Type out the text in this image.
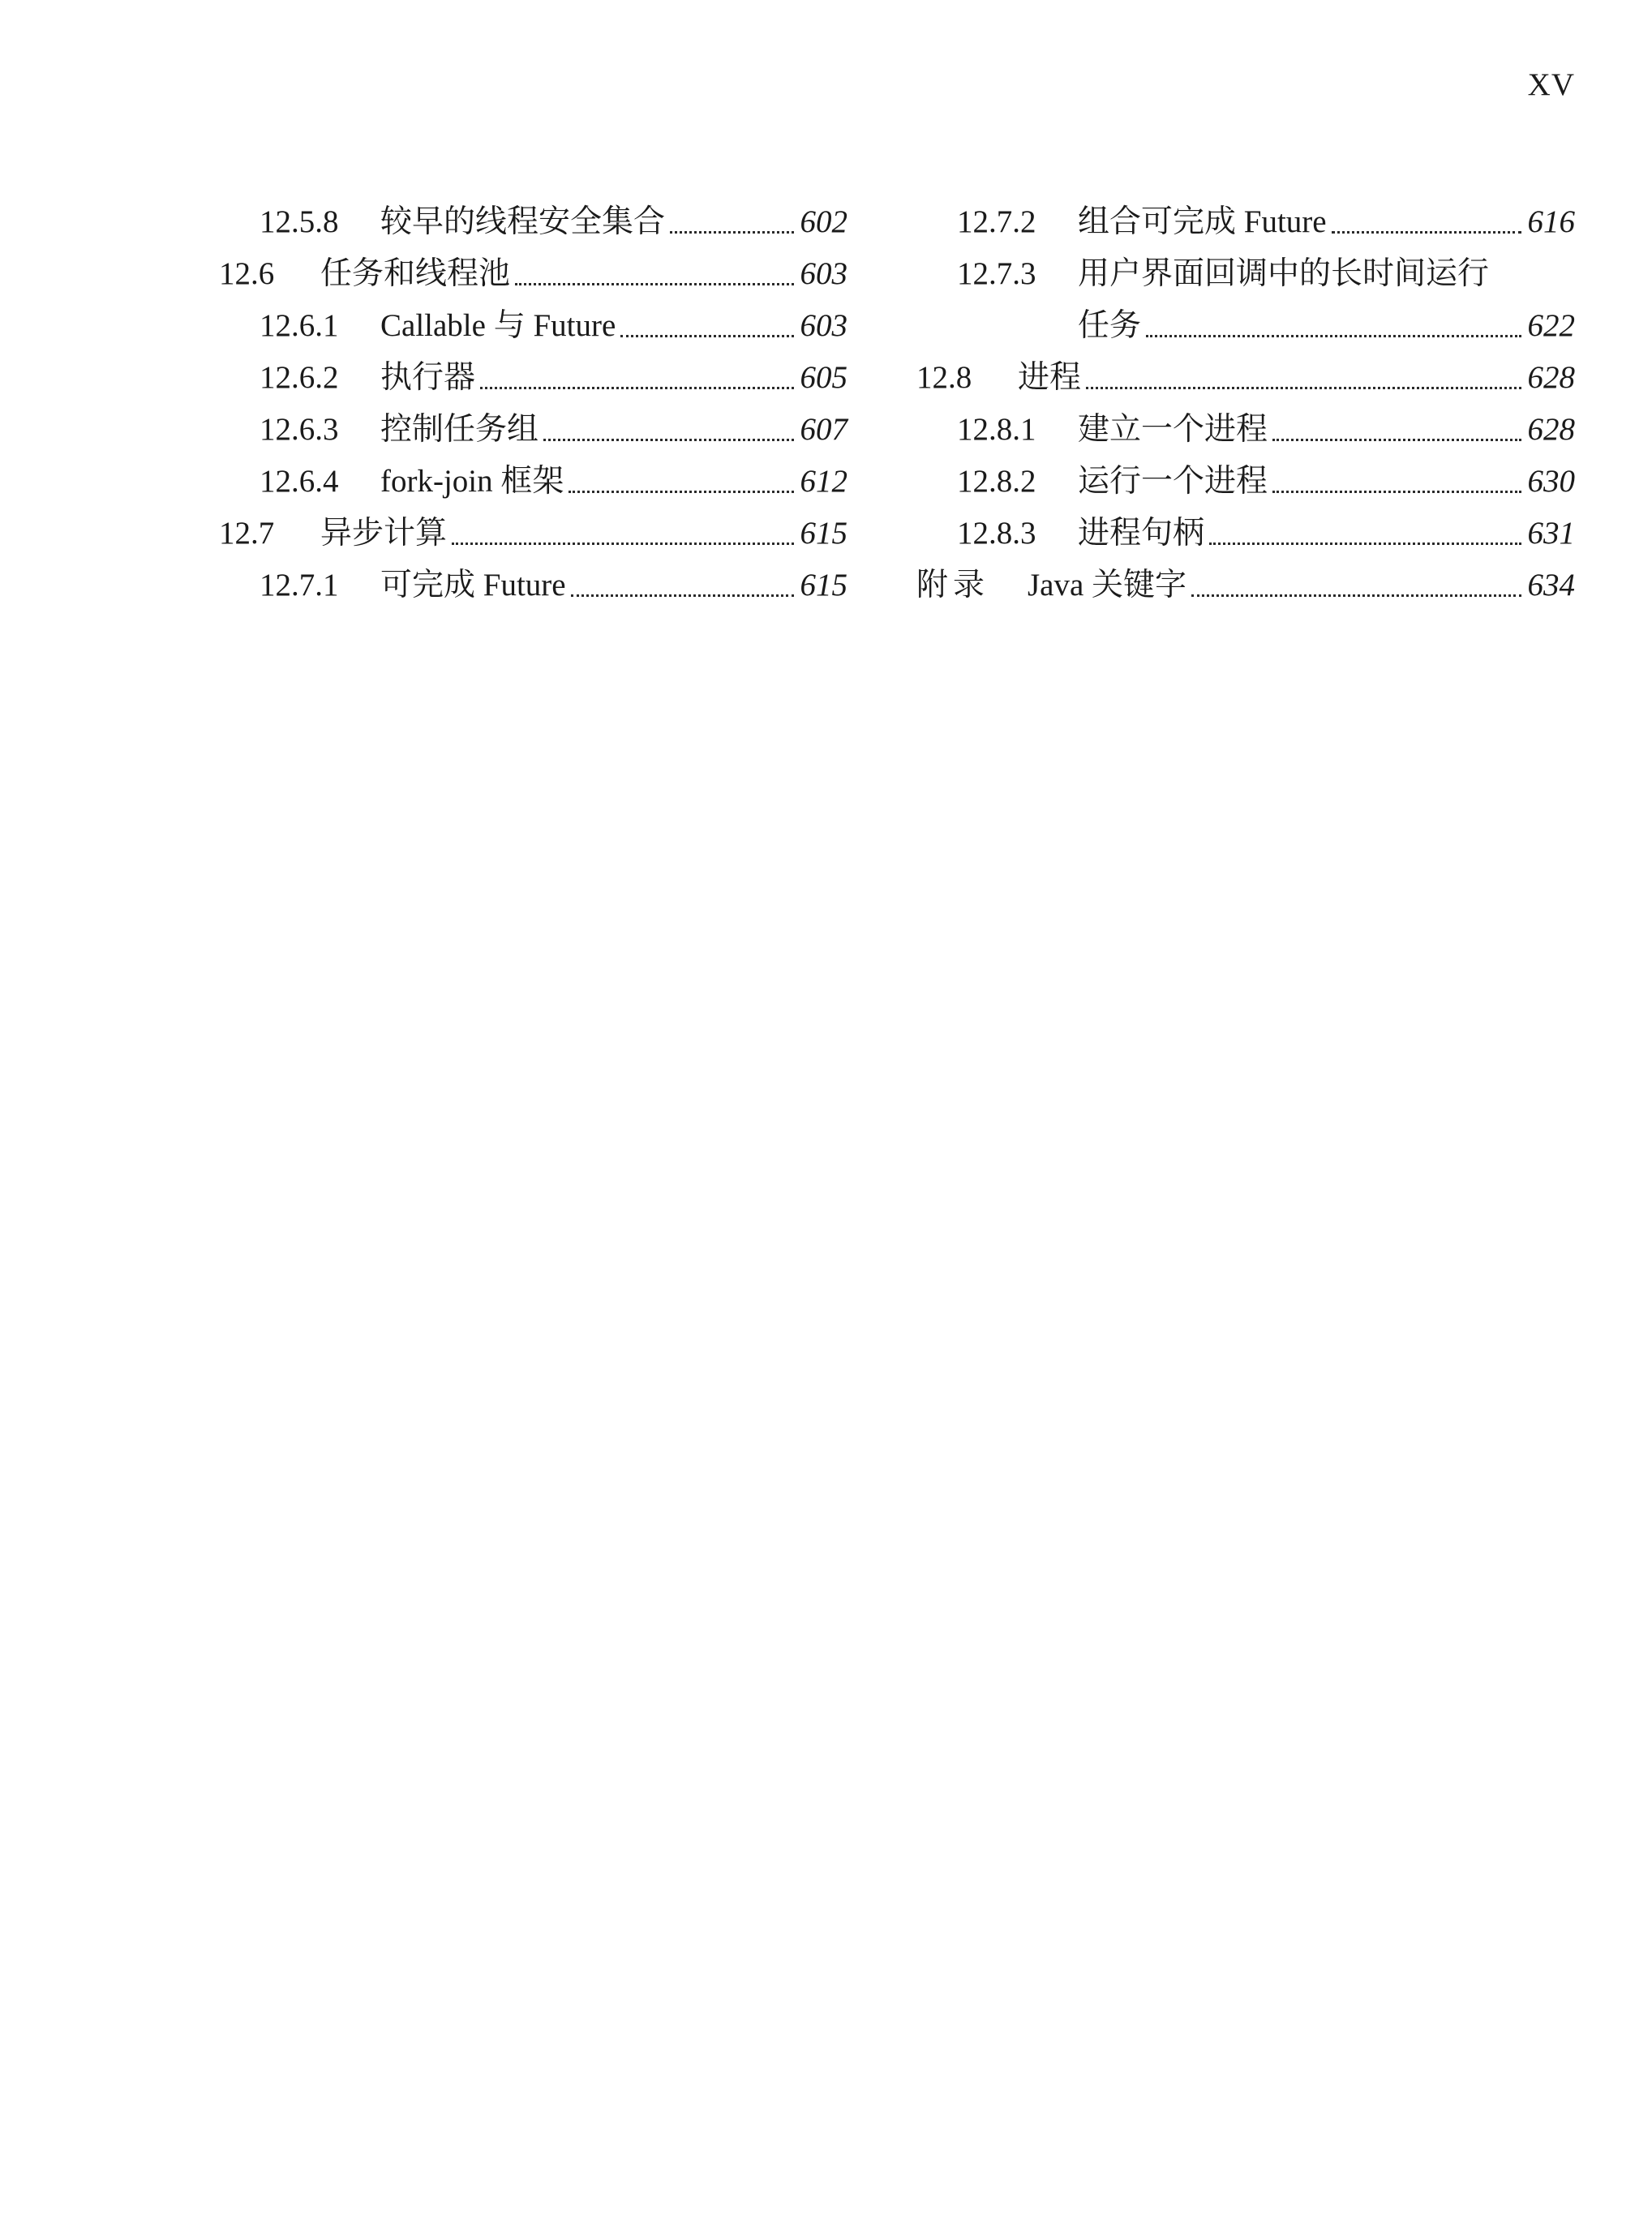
XV
12.5.8	较早的线程安全集合	602
12.6	任务和线程池	603
12.6.1	Callable 与 Future	603
12.6.2	执行器	605
12.6.3	控制任务组	607
12.6.4	fork-join 框架	612
12.7	异步计算	615
12.7.1	可完成 Future	615
12.7.2	组合可完成 Future	616
12.7.3	用户界面回调中的长时间运行
任务	622
12.8	进程	628
12.8.1	建立一个进程	628
12.8.2	运行一个进程	630
12.8.3	进程句柄	631
附录	Java 关键字	634
